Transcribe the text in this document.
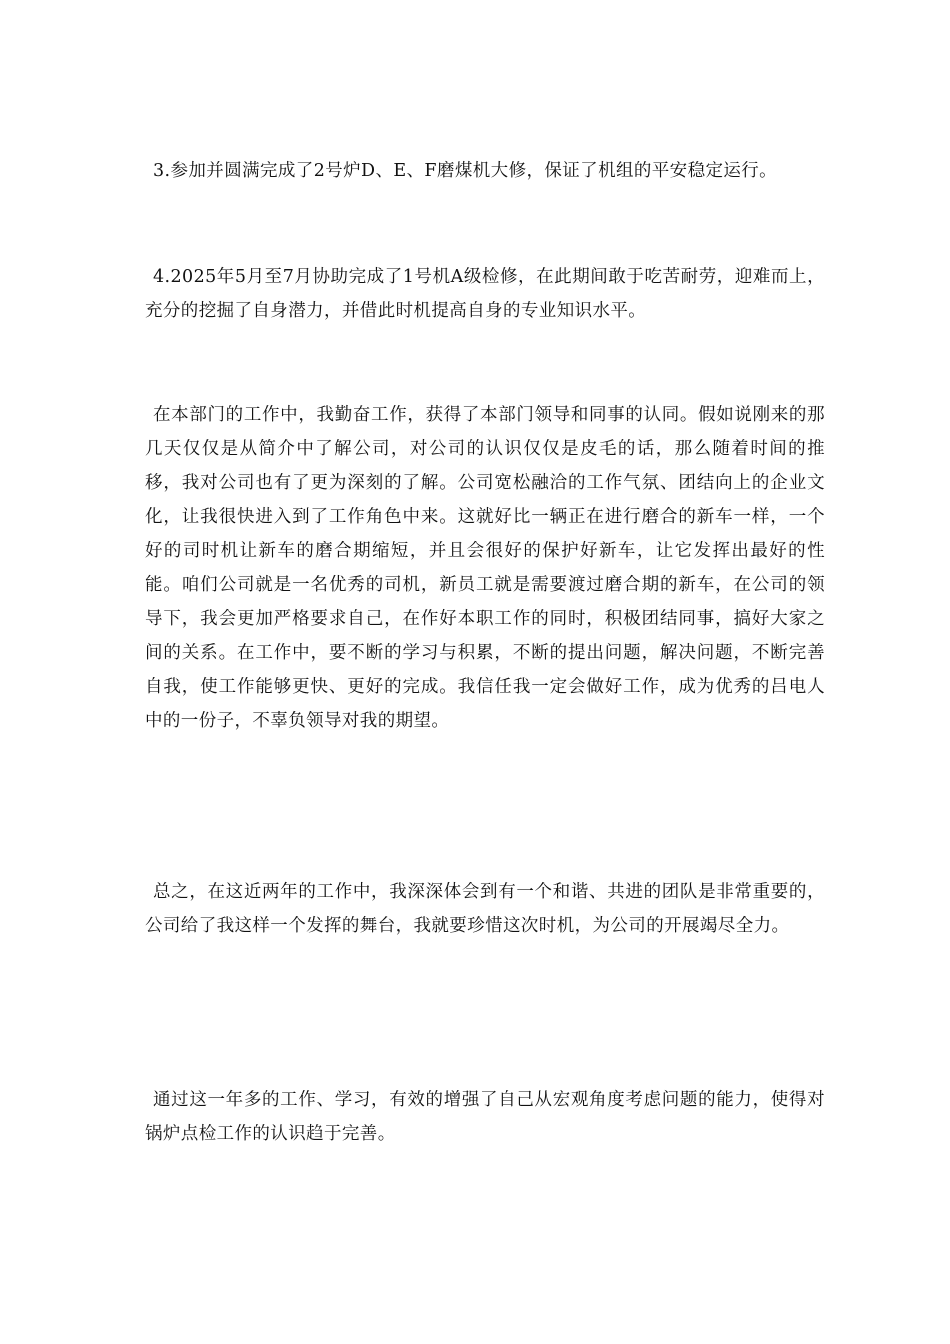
3.参加并圆满完成了2号炉D、E、F磨煤机大修，保证了机组的平安稳定运行。

4.2025年5月至7月协助完成了1号机A级检修，在此期间敢于吃苦耐劳，迎难而上，充分的挖掘了自身潜力，并借此时机提高自身的专业知识水平。

在本部门的工作中，我勤奋工作，获得了本部门领导和同事的认同。假如说刚来的那几天仅仅是从简介中了解公司，对公司的认识仅仅是皮毛的话，那么随着时间的推移，我对公司也有了更为深刻的了解。公司宽松融洽的工作气氛、团结向上的企业文化，让我很快进入到了工作角色中来。这就好比一辆正在进行磨合的新车一样，一个好的司时机让新车的磨合期缩短，并且会很好的保护好新车，让它发挥出最好的性能。咱们公司就是一名优秀的司机，新员工就是需要渡过磨合期的新车，在公司的领导下，我会更加严格要求自己，在作好本职工作的同时，积极团结同事，搞好大家之间的关系。在工作中，要不断的学习与积累，不断的提出问题，解决问题，不断完善自我，使工作能够更快、更好的完成。我信任我一定会做好工作，成为优秀的吕电人中的一份子，不辜负领导对我的期望。

总之，在这近两年的工作中，我深深体会到有一个和谐、共进的团队是非常重要的，公司给了我这样一个发挥的舞台，我就要珍惜这次时机，为公司的开展竭尽全力。

通过这一年多的工作、学习，有效的增强了自己从宏观角度考虑问题的能力，使得对锅炉点检工作的认识趋于完善。
